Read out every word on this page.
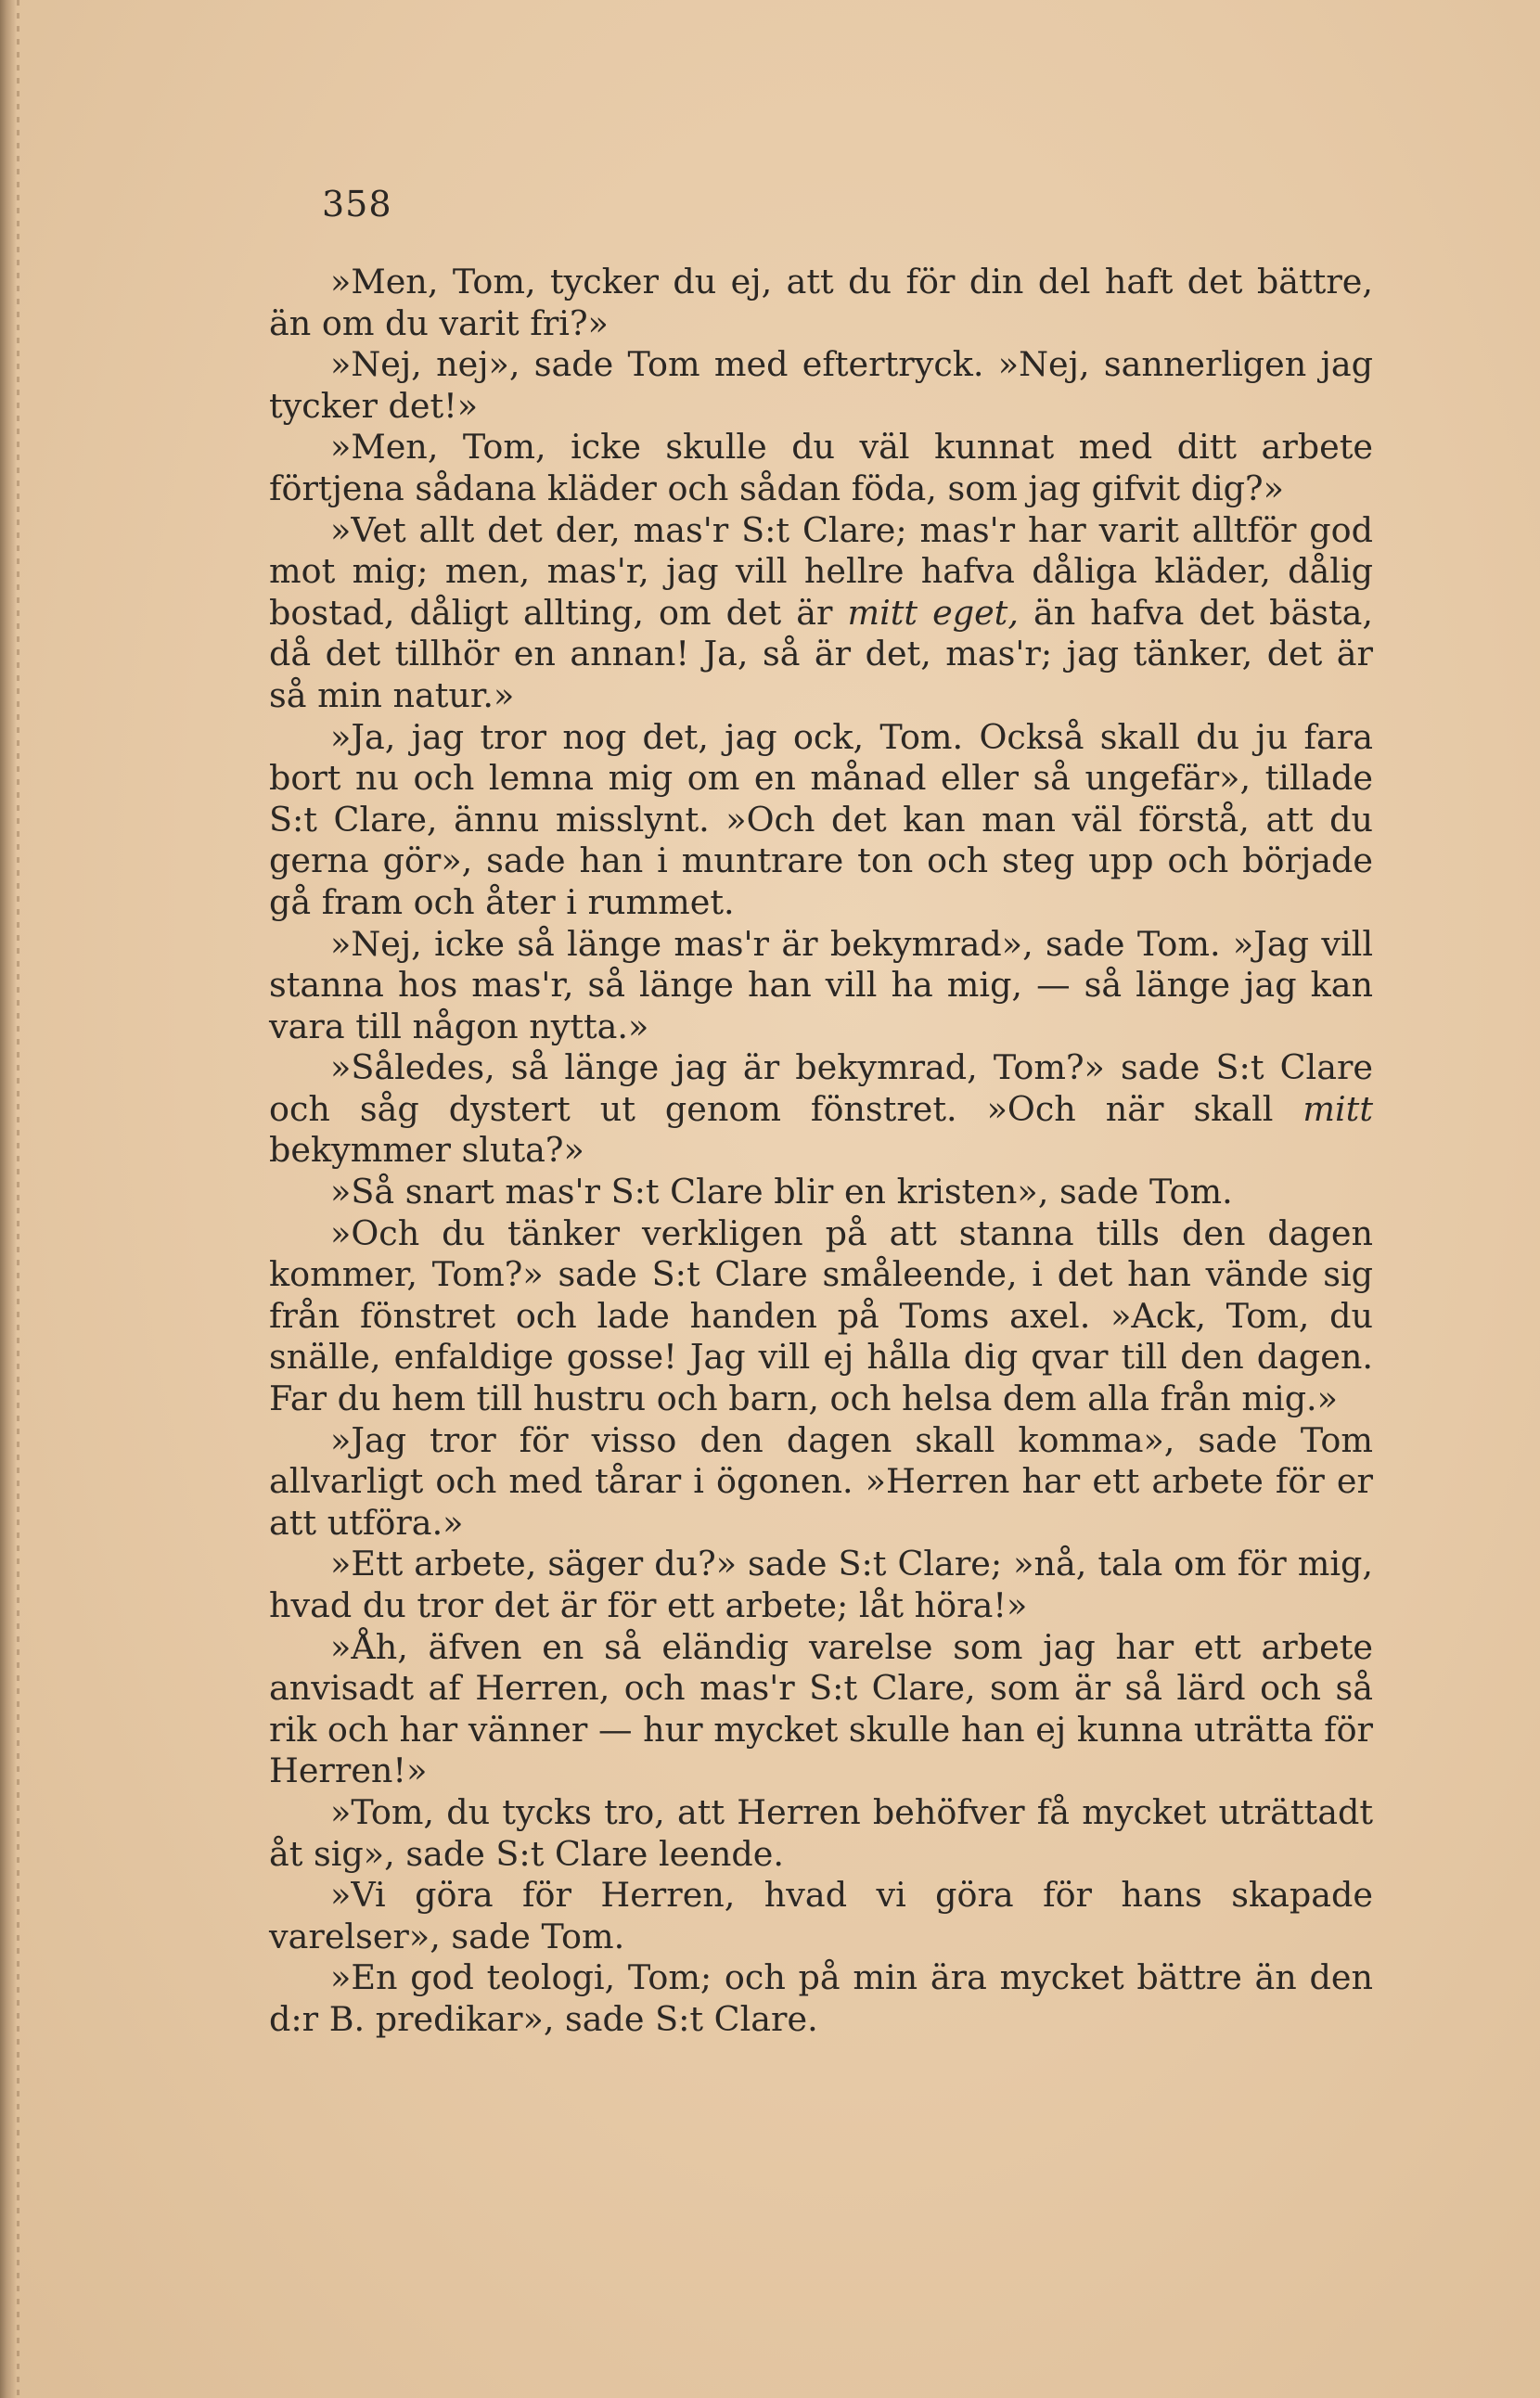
358

»Men, Tom, tycker du ej, att du för din del haft det bättre, än om du varit fri?»

»Nej, nej», sade Tom med eftertryck. »Nej, sannerligen jag tycker det!»

»Men, Tom, icke skulle du väl kunnat med ditt arbete förtjena sådana kläder och sådan föda, som jag gifvit dig?»

»Vet allt det der, mas'r S:t Clare; mas'r har varit alltför god mot mig; men, mas'r, jag vill hellre hafva dåliga kläder, dålig bostad, dåligt allting, om det är mitt eget, än hafva det bästa, då det tillhör en annan! Ja, så är det, mas'r; jag tänker, det är så min natur.»

»Ja, jag tror nog det, jag ock, Tom. Också skall du ju fara bort nu och lemna mig om en månad eller så ungefär», tillade S:t Clare, ännu misslynt. »Och det kan man väl förstå, att du gerna gör», sade han i muntrare ton och steg upp och började gå fram och åter i rummet.

»Nej, icke så länge mas'r är bekymrad», sade Tom. »Jag vill stanna hos mas'r, så länge han vill ha mig, — så länge jag kan vara till någon nytta.»

»Således, så länge jag är bekymrad, Tom?» sade S:t Clare och såg dystert ut genom fönstret. »Och när skall mitt bekymmer sluta?»

»Så snart mas'r S:t Clare blir en kristen», sade Tom.

»Och du tänker verkligen på att stanna tills den dagen kommer, Tom?» sade S:t Clare småleende, i det han vände sig från fönstret och lade handen på Toms axel. »Ack, Tom, du snälle, enfaldige gosse! Jag vill ej hålla dig qvar till den dagen. Far du hem till hustru och barn, och helsa dem alla från mig.»

»Jag tror för visso den dagen skall komma», sade Tom allvarligt och med tårar i ögonen. »Herren har ett arbete för er att utföra.»

»Ett arbete, säger du?» sade S:t Clare; »nå, tala om för mig, hvad du tror det är för ett arbete; låt höra!»

»Åh, äfven en så eländig varelse som jag har ett arbete anvisadt af Herren, och mas'r S:t Clare, som är så lärd och så rik och har vänner — hur mycket skulle han ej kunna uträtta för Herren!»

»Tom, du tycks tro, att Herren behöfver få mycket uträttadt åt sig», sade S:t Clare leende.

»Vi göra för Herren, hvad vi göra för hans skapade varelser», sade Tom.

»En god teologi, Tom; och på min ära mycket bättre än den d:r B. predikar», sade S:t Clare.
